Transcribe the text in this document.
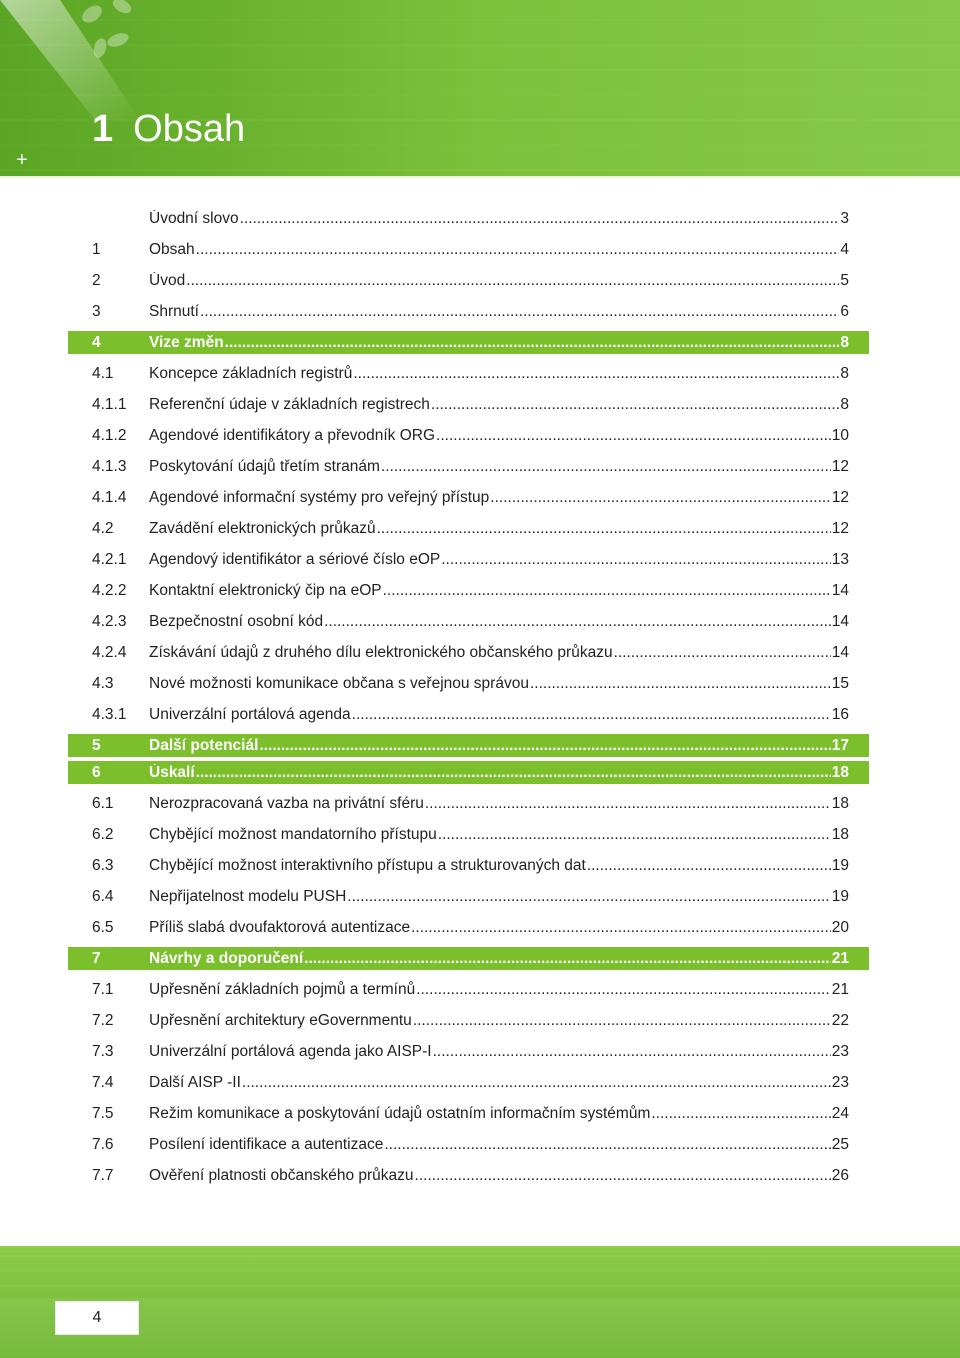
1 Obsah
+
Úvodní slovo .....	3
1	Obsah .....	4
2	Úvod .....	5
3	Shrnutí .....	6
4	Vize změn .....	8
4.1 Koncepce základních registrů .....	8
4.1.1 Referenční údaje v základních registrech .....	8
4.1.2 Agendové identifikátory a převodník ORG .....	10
4.1.3 Poskytování údajů třetím stranám .....	12
4.1.4 Agendové informační systémy pro veřejný přístup .....	12
4.2 Zavádění elektronických průkazů .....	12
4.2.1 Agendový identifikátor a sériové číslo eOP .....	13
4.2.2 Kontaktní elektronický čip na eOP .....	14
4.2.3 Bezpečnostní osobní kód .....	14
4.2.4 Získávání údajů z druhého dílu elektronického občanského průkazu .....	14
4.3 Nové možnosti komunikace občana s veřejnou správou .....	15
4.3.1 Univerzální portálová agenda .....	16
5	Další potenciál .....	17
6	Úskalí .....	18
6.1 Nerozpracovaná vazba na privátní sféru .....	18
6.2 Chybějící možnost mandatorního přístupu .....	18
6.3 Chybějící možnost interaktivního přístupu a strukturovaných dat .....	19
6.4 Nepřijatelnost modelu PUSH .....	19
6.5 Příliš slabá dvoufaktorová autentizace .....	20
7	Návrhy a doporučení .....	21
7.1 Upřesnění základních pojmů a termínů .....	21
7.2 Upřesnění architektury eGovernmentu .....	22
7.3 Univerzální portálová agenda jako AISP-I .....	23
7.4 Další AISP -II .....	23
7.5 Režim komunikace a poskytování údajů ostatním informačním systémům .....	24
7.6 Posílení identifikace a autentizace .....	25
7.7 Ověření platnosti občanského průkazu .....	26
4
